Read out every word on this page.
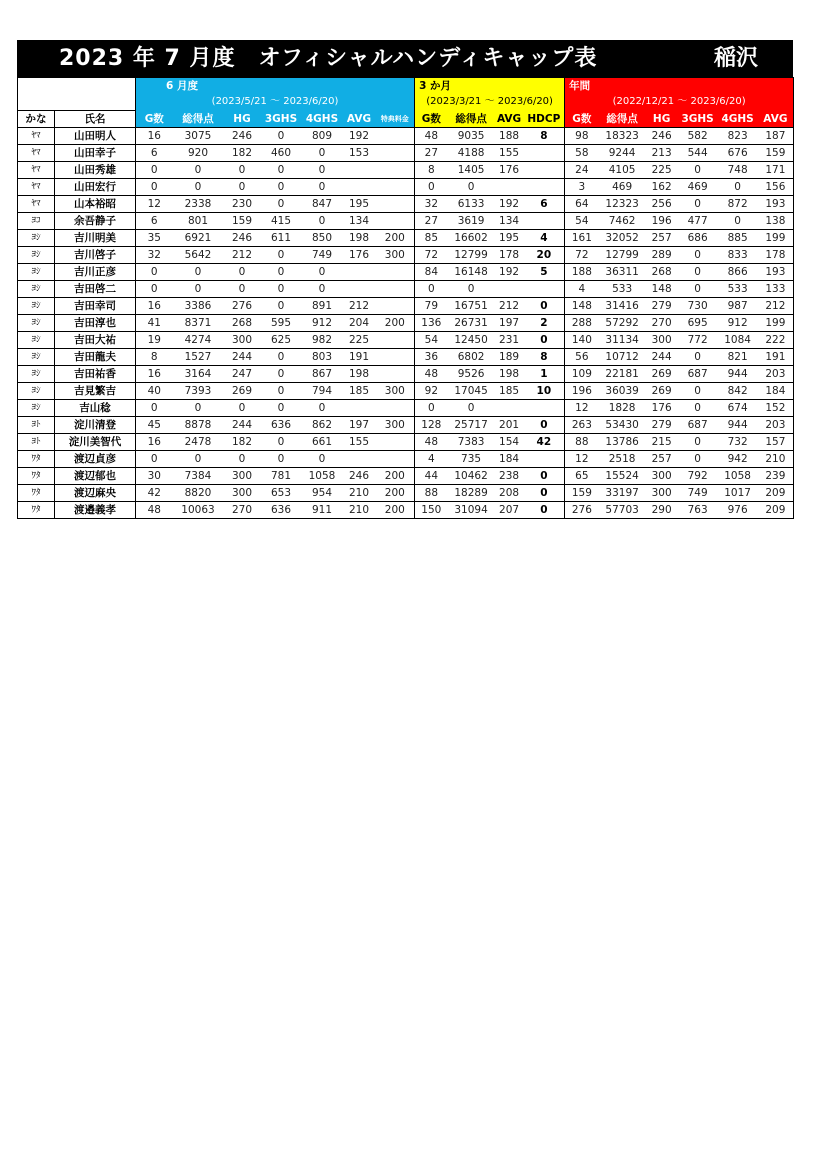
2023 年 7 月度　オフィシャルハンディキャップ表	稲沢
		6 月度							3 か月				年間					
		(2023/5/21 ～ 2023/6/20)							(2023/3/21 ～ 2023/6/20)				(2022/12/21 ～ 2023/6/20)					
かな	氏名	G数	総得点	HG	3GHS	4GHS	AVG	特典料金	G数	総得点	AVG	HDCP	G数	総得点	HG	3GHS	4GHS	AVG
ﾔﾏ	山田明人	16	3075	246	0	809	192		48	9035	188	8	98	18323	246	582	823	187
ﾔﾏ	山田幸子	6	920	182	460	0	153		27	4188	155		58	9244	213	544	676	159
ﾔﾏ	山田秀雄	0	0	0	0	0			8	1405	176		24	4105	225	0	748	171
ﾔﾏ	山田宏行	0	0	0	0	0			0	0			3	469	162	469	0	156
ﾔﾏ	山本裕昭	12	2338	230	0	847	195		32	6133	192	6	64	12323	256	0	872	193
ﾖｺ	余吾静子	6	801	159	415	0	134		27	3619	134		54	7462	196	477	0	138
ﾖｼ	吉川明美	35	6921	246	611	850	198	200	85	16602	195	4	161	32052	257	686	885	199
ﾖｼ	吉川啓子	32	5642	212	0	749	176	300	72	12799	178	20	72	12799	289	0	833	178
ﾖｼ	吉川正彦	0	0	0	0	0			84	16148	192	5	188	36311	268	0	866	193
ﾖｼ	吉田啓二	0	0	0	0	0			0	0			4	533	148	0	533	133
ﾖｼ	吉田幸司	16	3386	276	0	891	212		79	16751	212	0	148	31416	279	730	987	212
ﾖｼ	吉田淳也	41	8371	268	595	912	204	200	136	26731	197	2	288	57292	270	695	912	199
ﾖｼ	吉田大祐	19	4274	300	625	982	225		54	12450	231	0	140	31134	300	772	1084	222
ﾖｼ	吉田龍夫	8	1527	244	0	803	191		36	6802	189	8	56	10712	244	0	821	191
ﾖｼ	吉田祐香	16	3164	247	0	867	198		48	9526	198	1	109	22181	269	687	944	203
ﾖｼ	吉見繁吉	40	7393	269	0	794	185	300	92	17045	185	10	196	36039	269	0	842	184
ﾖｼ	吉山稔	0	0	0	0	0			0	0			12	1828	176	0	674	152
ﾖﾄ	淀川清登	45	8878	244	636	862	197	300	128	25717	201	0	263	53430	279	687	944	203
ﾖﾄ	淀川美智代	16	2478	182	0	661	155		48	7383	154	42	88	13786	215	0	732	157
ﾜﾀ	渡辺貞彦	0	0	0	0	0			4	735	184		12	2518	257	0	942	210
ﾜﾀ	渡辺郁也	30	7384	300	781	1058	246	200	44	10462	238	0	65	15524	300	792	1058	239
ﾜﾀ	渡辺麻央	42	8820	300	653	954	210	200	88	18289	208	0	159	33197	300	749	1017	209
ﾜﾀ	渡邉義孝	48	10063	270	636	911	210	200	150	31094	207	0	276	57703	290	763	976	209
